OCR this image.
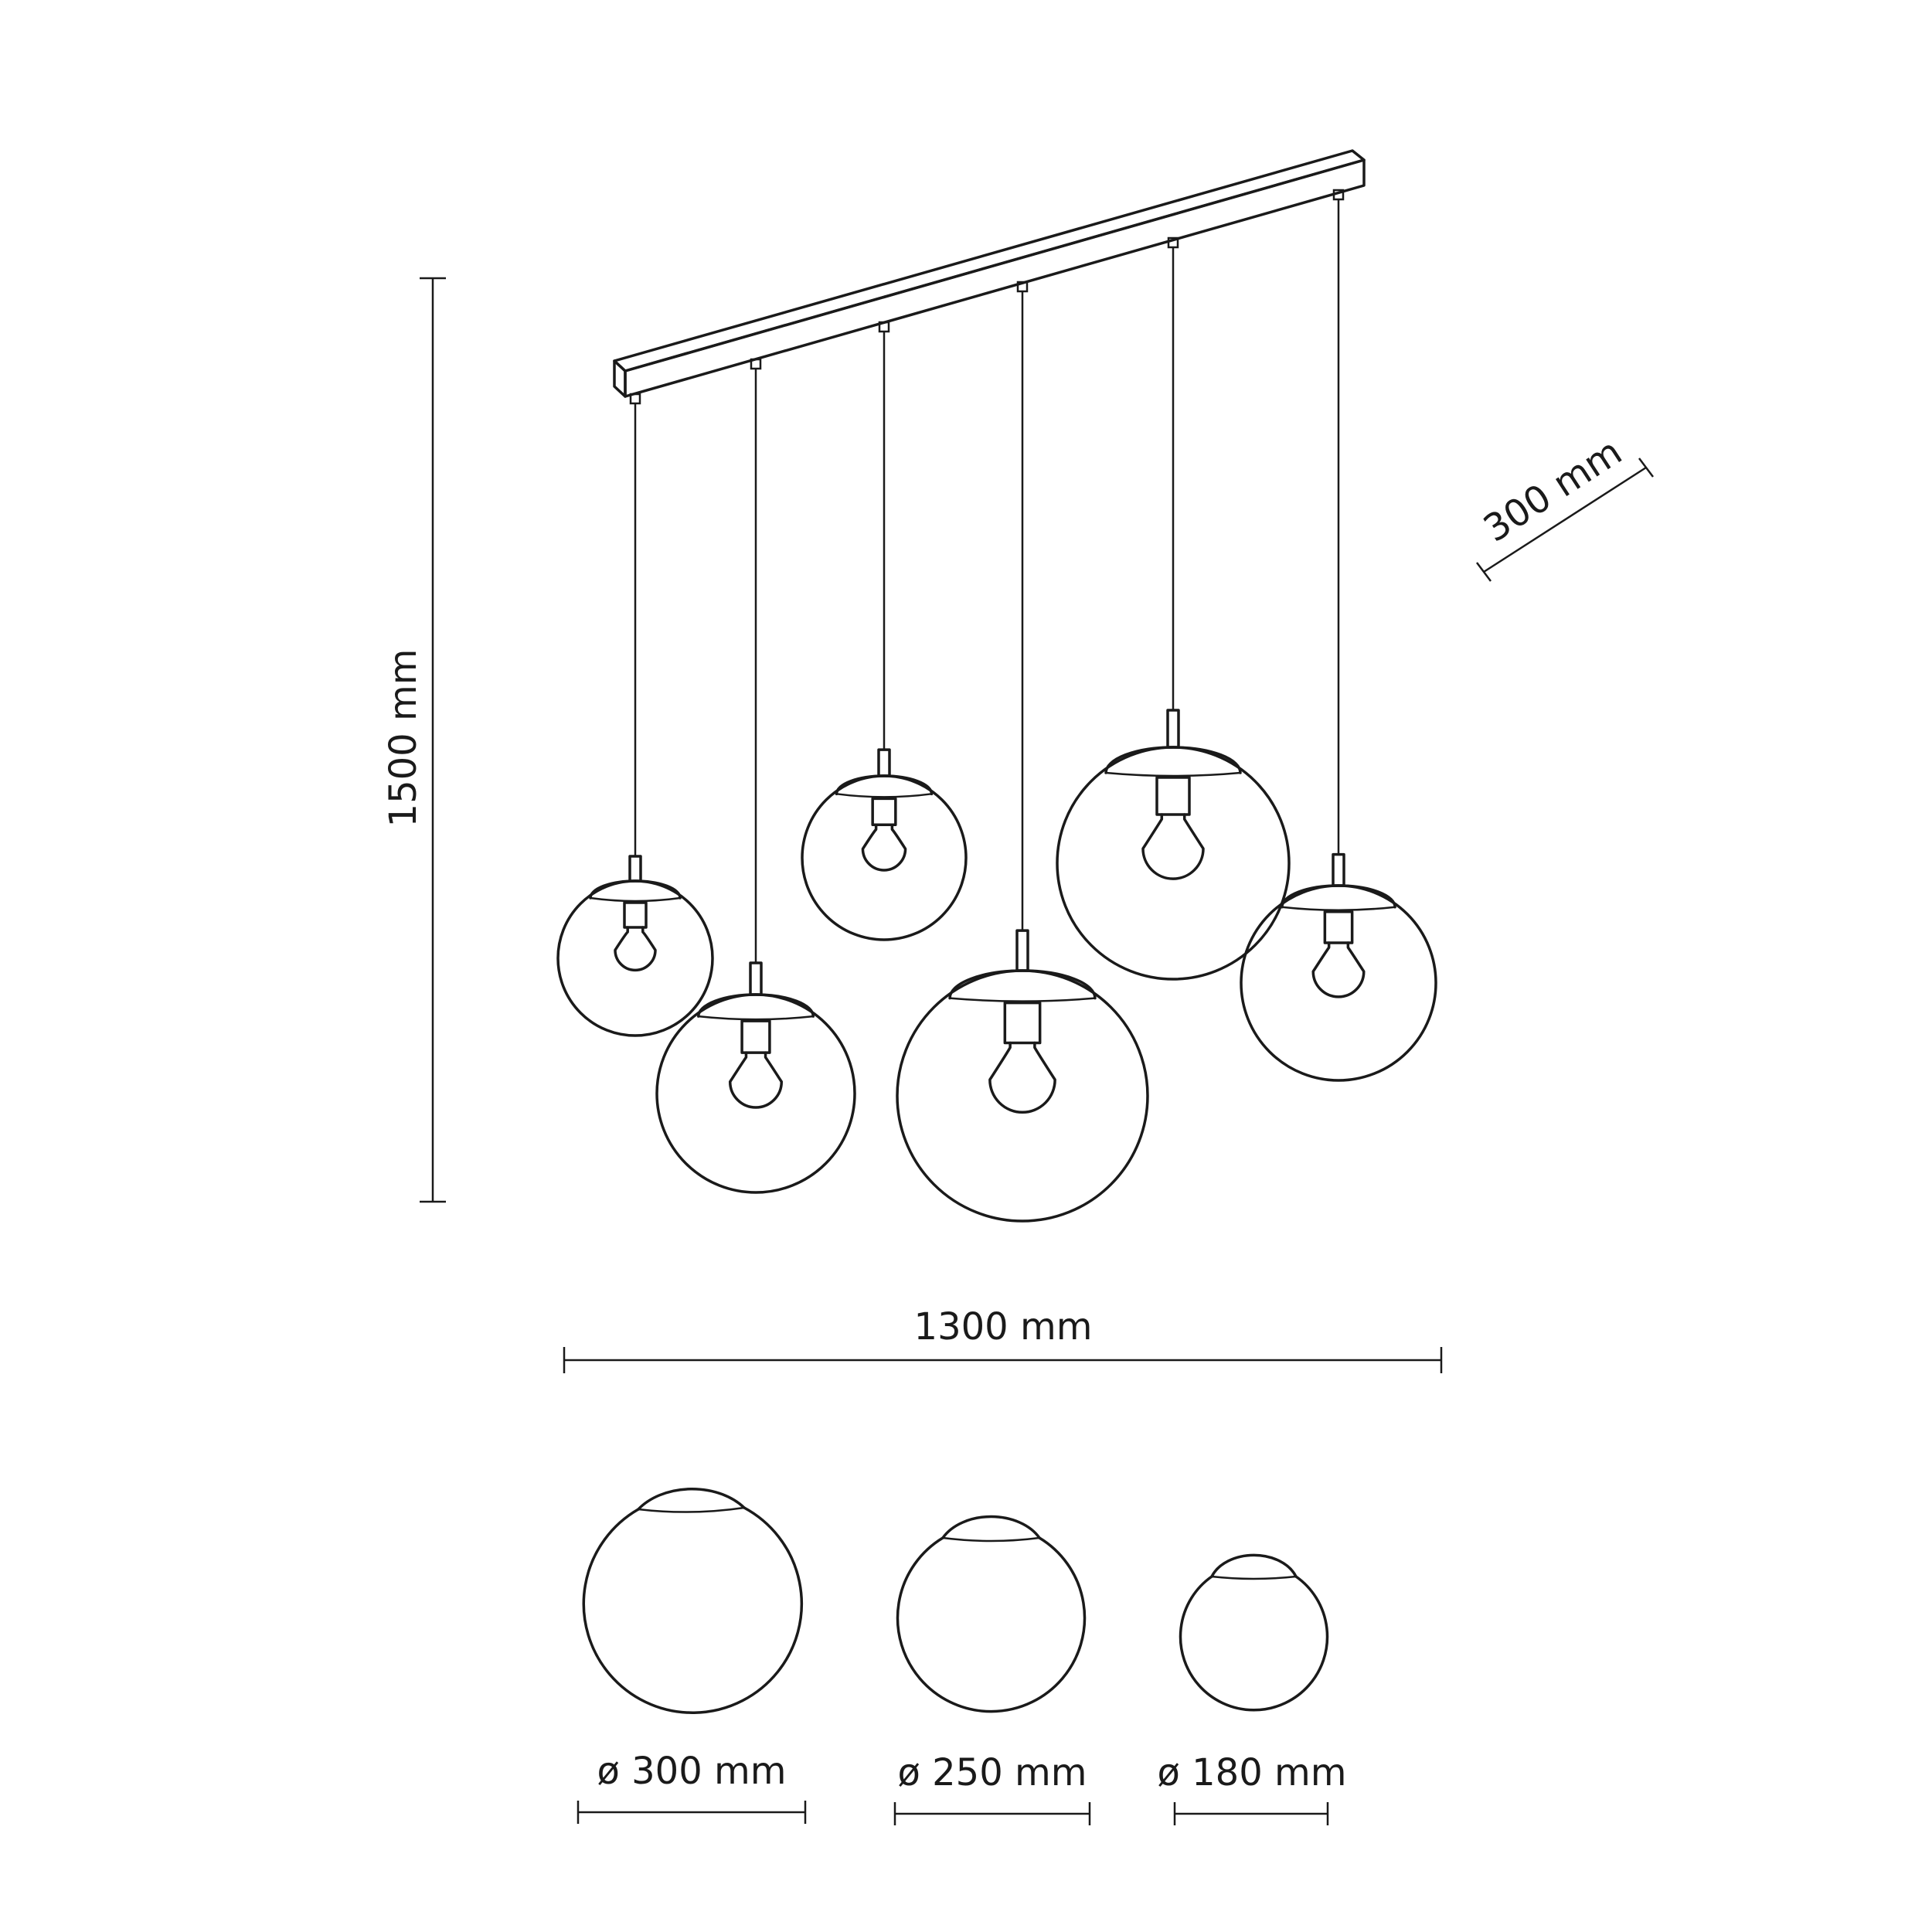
1500 mm
300 mm
1300 mm
ø 300 mm	ø 250 mm ø 180 mm
